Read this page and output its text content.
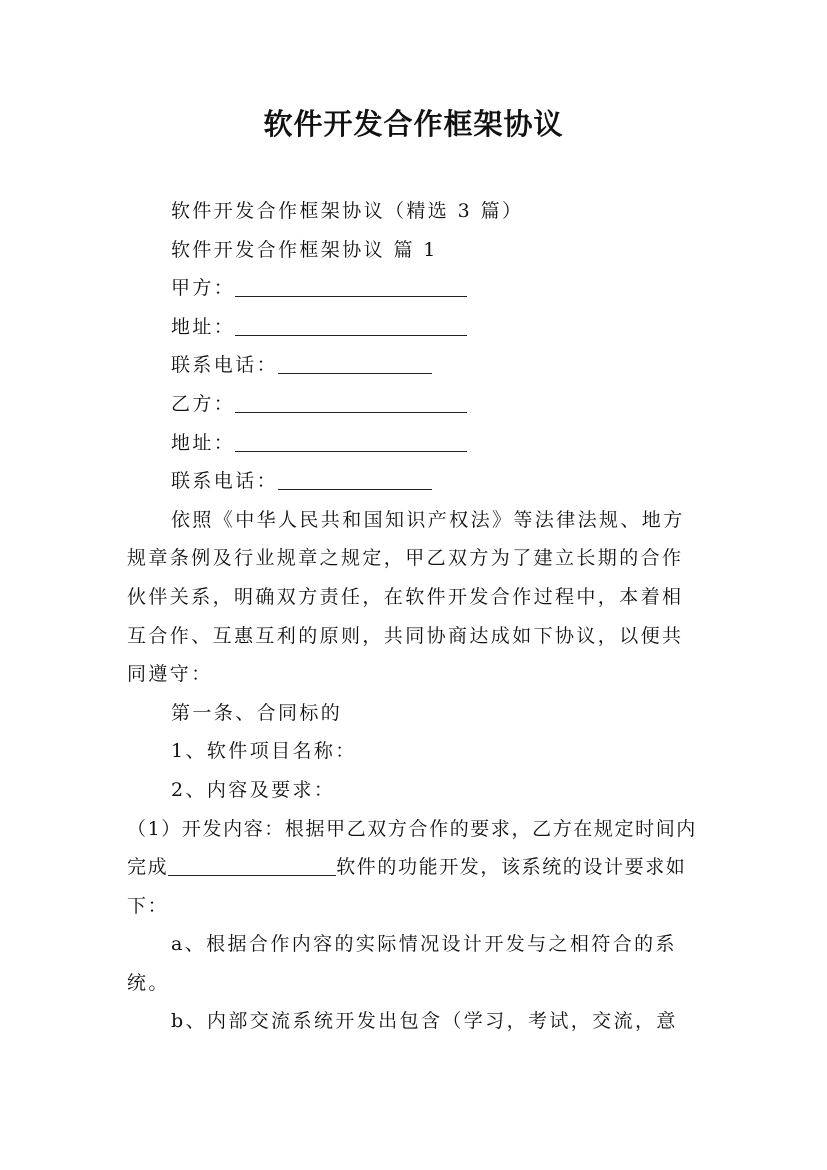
软件开发合作框架协议

软件开发合作框架协议（精选 3 篇）

软件开发合作框架协议 篇 1

甲方：

地址：

联系电话：

乙方：

地址：

联系电话：

依照《中华人民共和国知识产权法》等法律法规、地方规章条例及行业规章之规定，甲乙双方为了建立长期的合作伙伴关系，明确双方责任，在软件开发合作过程中，本着相互合作、互惠互利的原则，共同协商达成如下协议，以便共同遵守：

第一条、合同标的

1、软件项目名称：

2、内容及要求：

（1）开发内容：根据甲乙双方合作的要求，乙方在规定时间内完成	软件的功能开发，该系统的设计要求如下：

a、根据合作内容的实际情况设计开发与之相符合的系统。

b、内部交流系统开发出包含（学习，考试，交流，意
